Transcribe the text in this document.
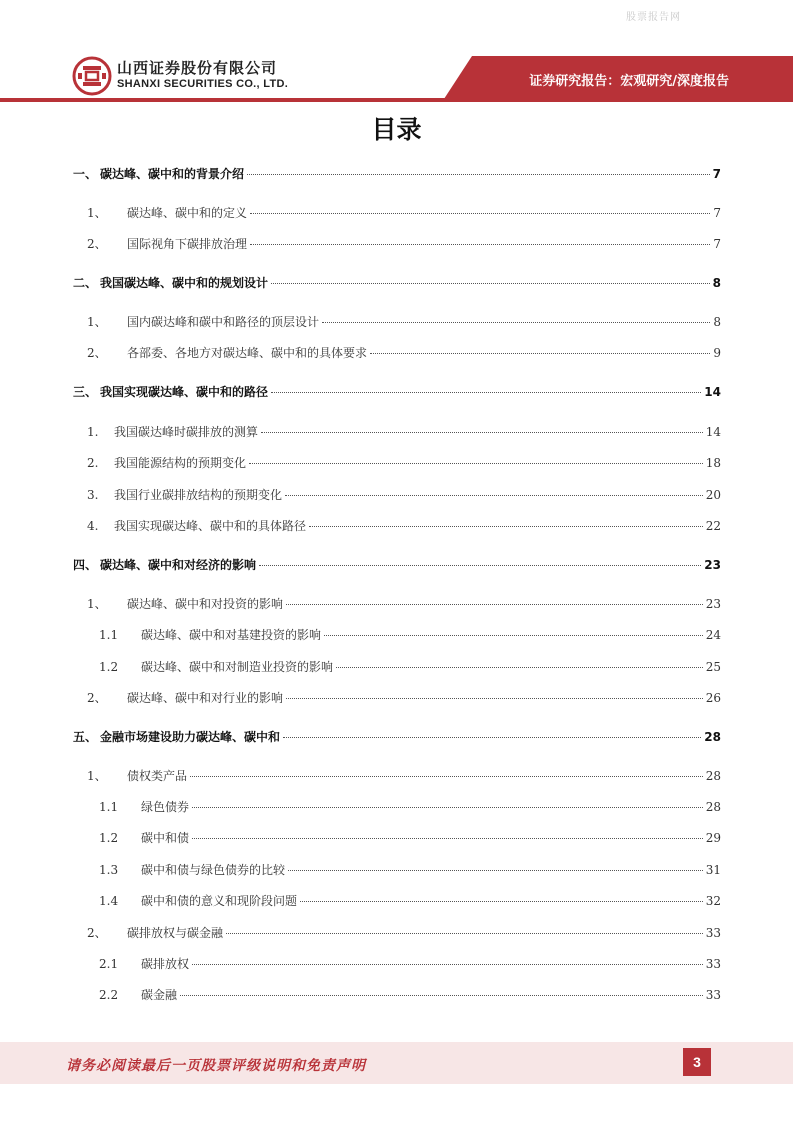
股票报告网
山西证券股份有限公司
SHANXI SECURITIES CO., LTD.	证券研究报告：宏观研究/深度报告
目录
一、 碳达峰、碳中和的背景介绍	7
1、	碳达峰、碳中和的定义	7
2、	国际视角下碳排放治理	7
二、 我国碳达峰、碳中和的规划设计	8
1、	国内碳达峰和碳中和路径的顶层设计	8
2、	各部委、各地方对碳达峰、碳中和的具体要求	9
三、 我国实现碳达峰、碳中和的路径	14
1.	我国碳达峰时碳排放的测算	14
2.	我国能源结构的预期变化	18
3.	我国行业碳排放结构的预期变化	20
4.	我国实现碳达峰、碳中和的具体路径	22
四、 碳达峰、碳中和对经济的影响	23
1、	碳达峰、碳中和对投资的影响	23
1.1	碳达峰、碳中和对基建投资的影响	24
1.2	碳达峰、碳中和对制造业投资的影响	25
2、	碳达峰、碳中和对行业的影响	26
五、 金融市场建设助力碳达峰、碳中和	28
1、	债权类产品	28
1.1	绿色债券	28
1.2	碳中和债	29
1.3	碳中和债与绿色债券的比较	31
1.4	碳中和债的意义和现阶段问题	32
2、	碳排放权与碳金融	33
2.1	碳排放权	33
2.2	碳金融	33
请务必阅读最后一页股票评级说明和免责声明	3
